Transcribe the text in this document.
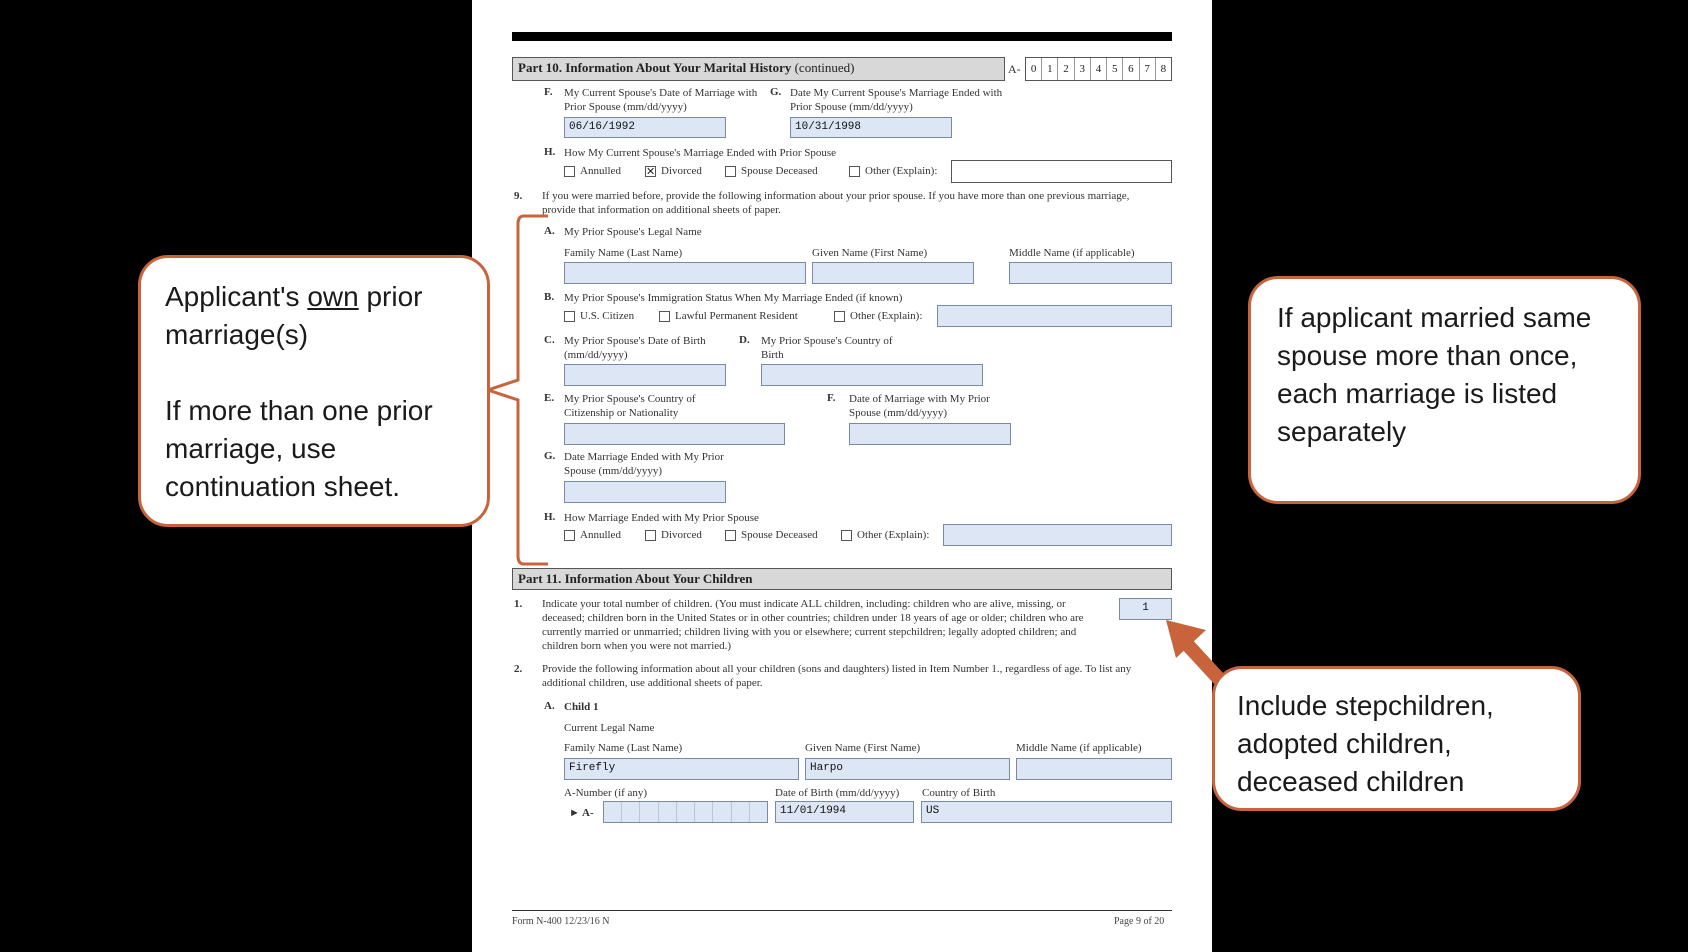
Part 10. Information About Your Marital History (continued)	A- 0 1 2 3 4 5 6 7 8
F. My Current Spouse's Date of Marriage with Prior Spouse (mm/dd/yyyy)
06/16/1992
G. Date My Current Spouse's Marriage Ended with Prior Spouse (mm/dd/yyyy)
10/31/1998
H. How My Current Spouse's Marriage Ended with Prior Spouse
Annulled ✕ Divorced	Spouse Deceased	Other (Explain):
9. If you were married before, provide the following information about your prior spouse. If you have more than one previous marriage, provide that information on additional sheets of paper.
A. My Prior Spouse's Legal Name
Family Name (Last Name)	Given Name (First Name)	Middle Name (if applicable)
B. My Prior Spouse's Immigration Status When My Marriage Ended (if known)
U.S. Citizen	Lawful Permanent Resident	Other (Explain):
C. My Prior Spouse's Date of Birth (mm/dd/yyyy)
D. My Prior Spouse's Country of Birth
E. My Prior Spouse's Country of Citizenship or Nationality
F. Date of Marriage with My Prior Spouse (mm/dd/yyyy)
G. Date Marriage Ended with My Prior Spouse (mm/dd/yyyy)
H. How Marriage Ended with My Prior Spouse
Annulled	Divorced	Spouse Deceased	Other (Explain):
Part 11. Information About Your Children
1. Indicate your total number of children. (You must indicate ALL children, including: children who are alive, missing, or deceased; children born in the United States or in other countries; children under 18 years of age or older; children who are currently married or unmarried; children living with you or elsewhere; current stepchildren; legally adopted children; and children born when you were not married.)
1
2. Provide the following information about all your children (sons and daughters) listed in Item Number 1., regardless of age. To list any additional children, use additional sheets of paper.
A. Child 1
Current Legal Name
Family Name (Last Name)	Given Name (First Name)	Middle Name (if applicable)
Firefly	Harpo
A-Number (if any)	Date of Birth (mm/dd/yyyy) Country of Birth
► A-	11/01/1994	US
Form N-400 12/23/16 N	Page 9 of 20

Applicant's own prior marriage(s)

If more than one prior marriage, use continuation sheet.

If applicant married same spouse more than once, each marriage is listed separately
Include stepchildren, adopted children, deceased children
